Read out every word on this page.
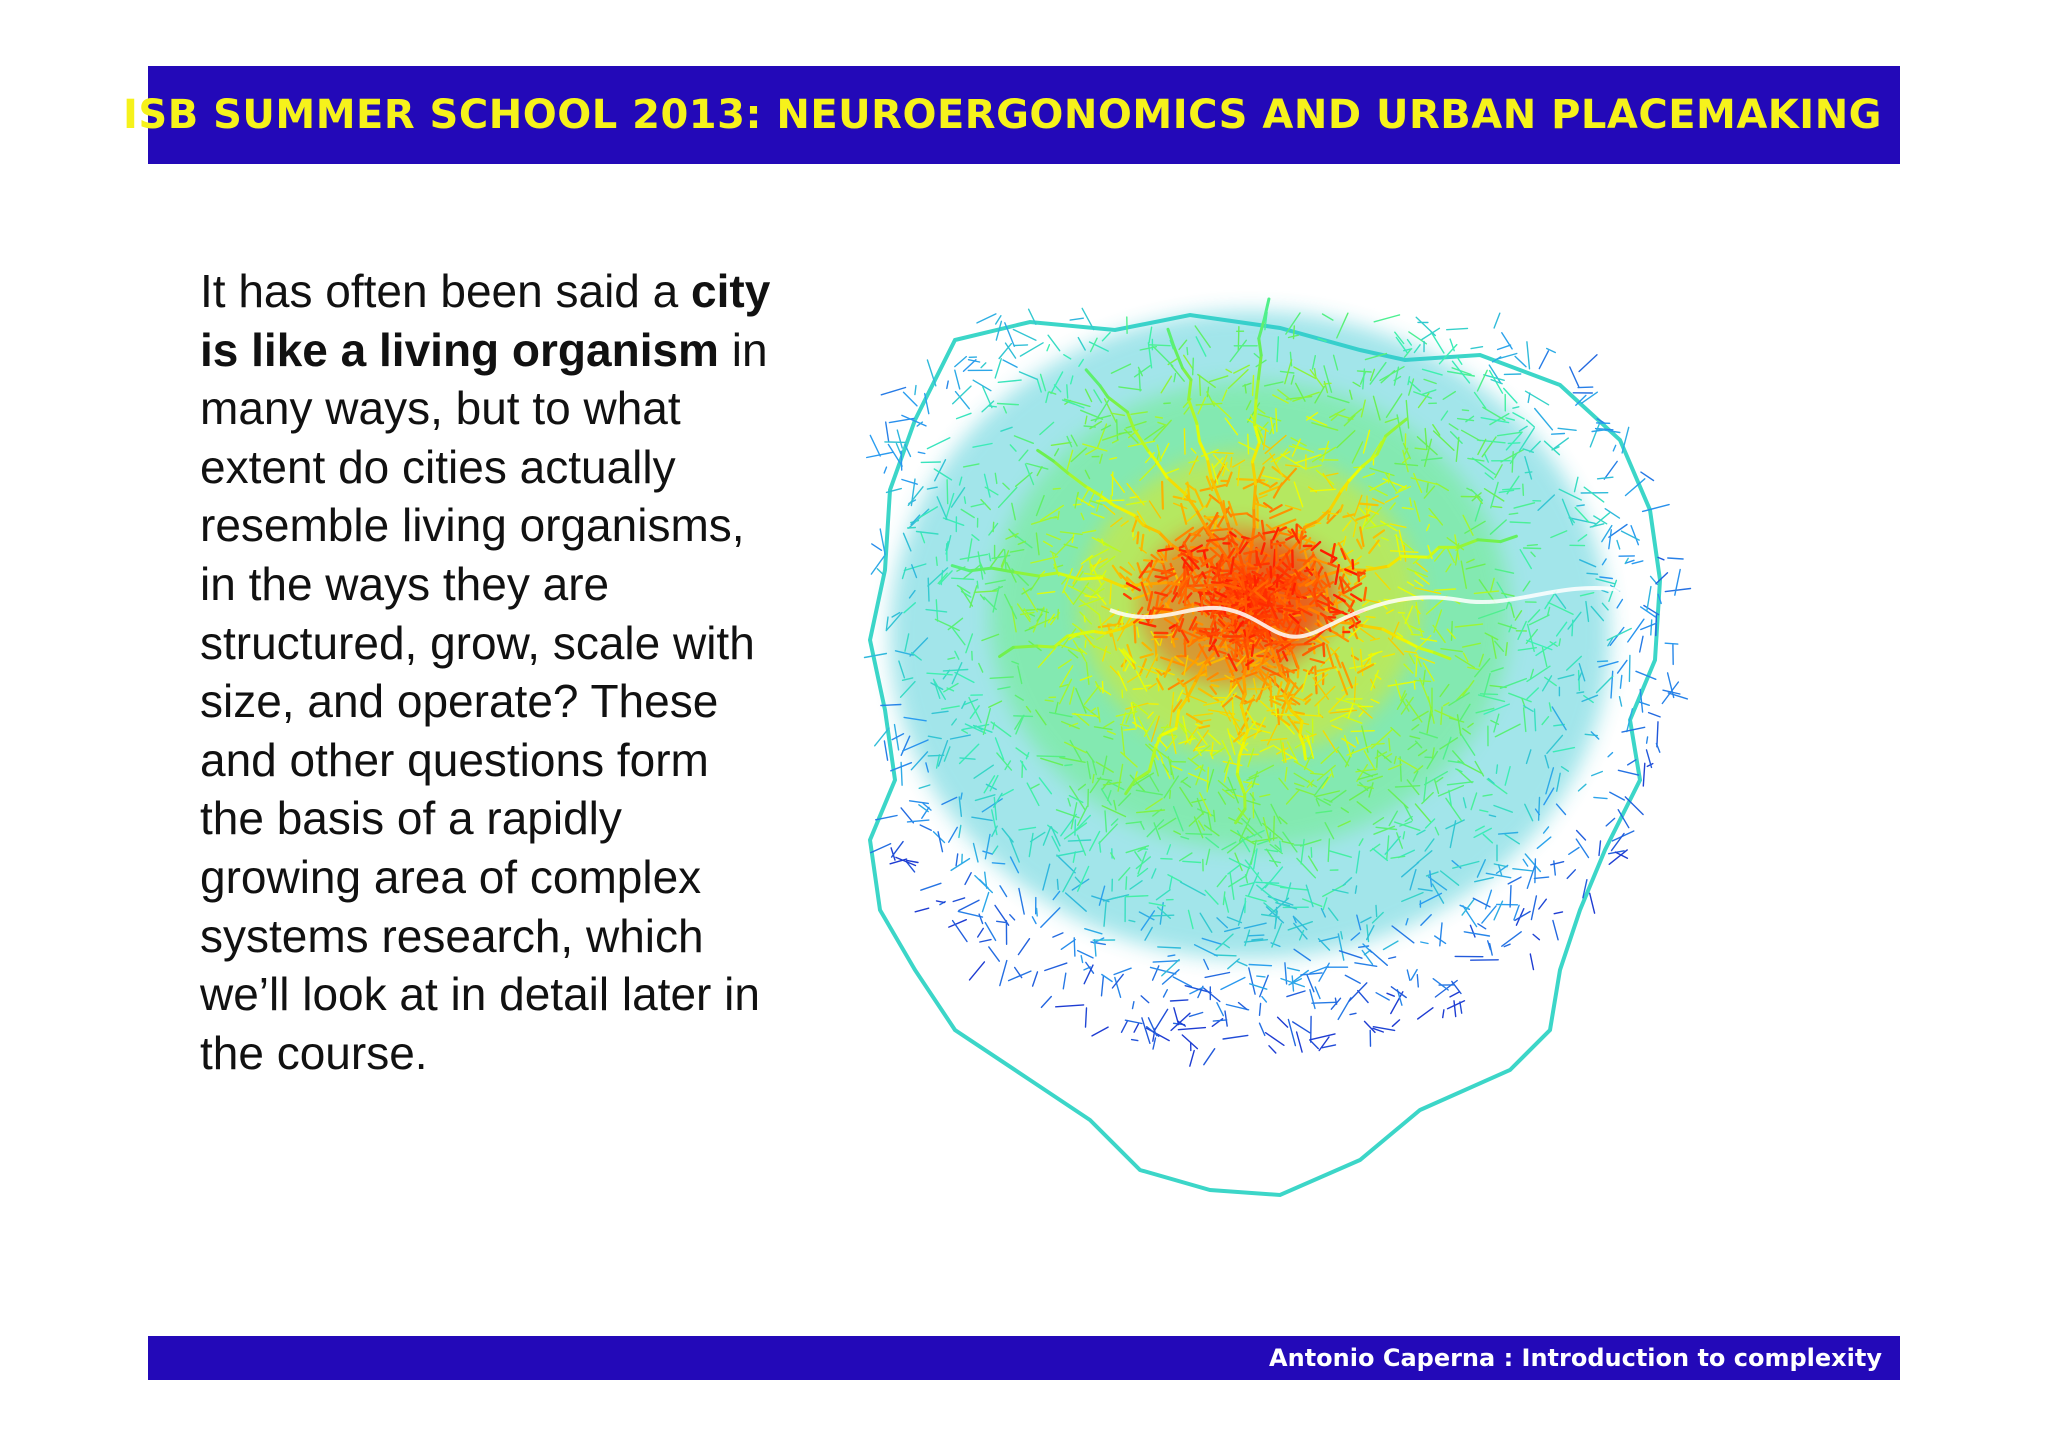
ISB SUMMER SCHOOL 2013: NEUROERGONOMICS AND URBAN PLACEMAKING
It has often been said a city is like a living organism in many ways, but to what extent do cities actually resemble living organisms, in the ways they are structured, grow, scale with size, and operate? These and other questions form the basis of a rapidly growing area of complex systems research, which we’ll look at in detail later in the course.
Antonio Caperna : Introduction to complexity
